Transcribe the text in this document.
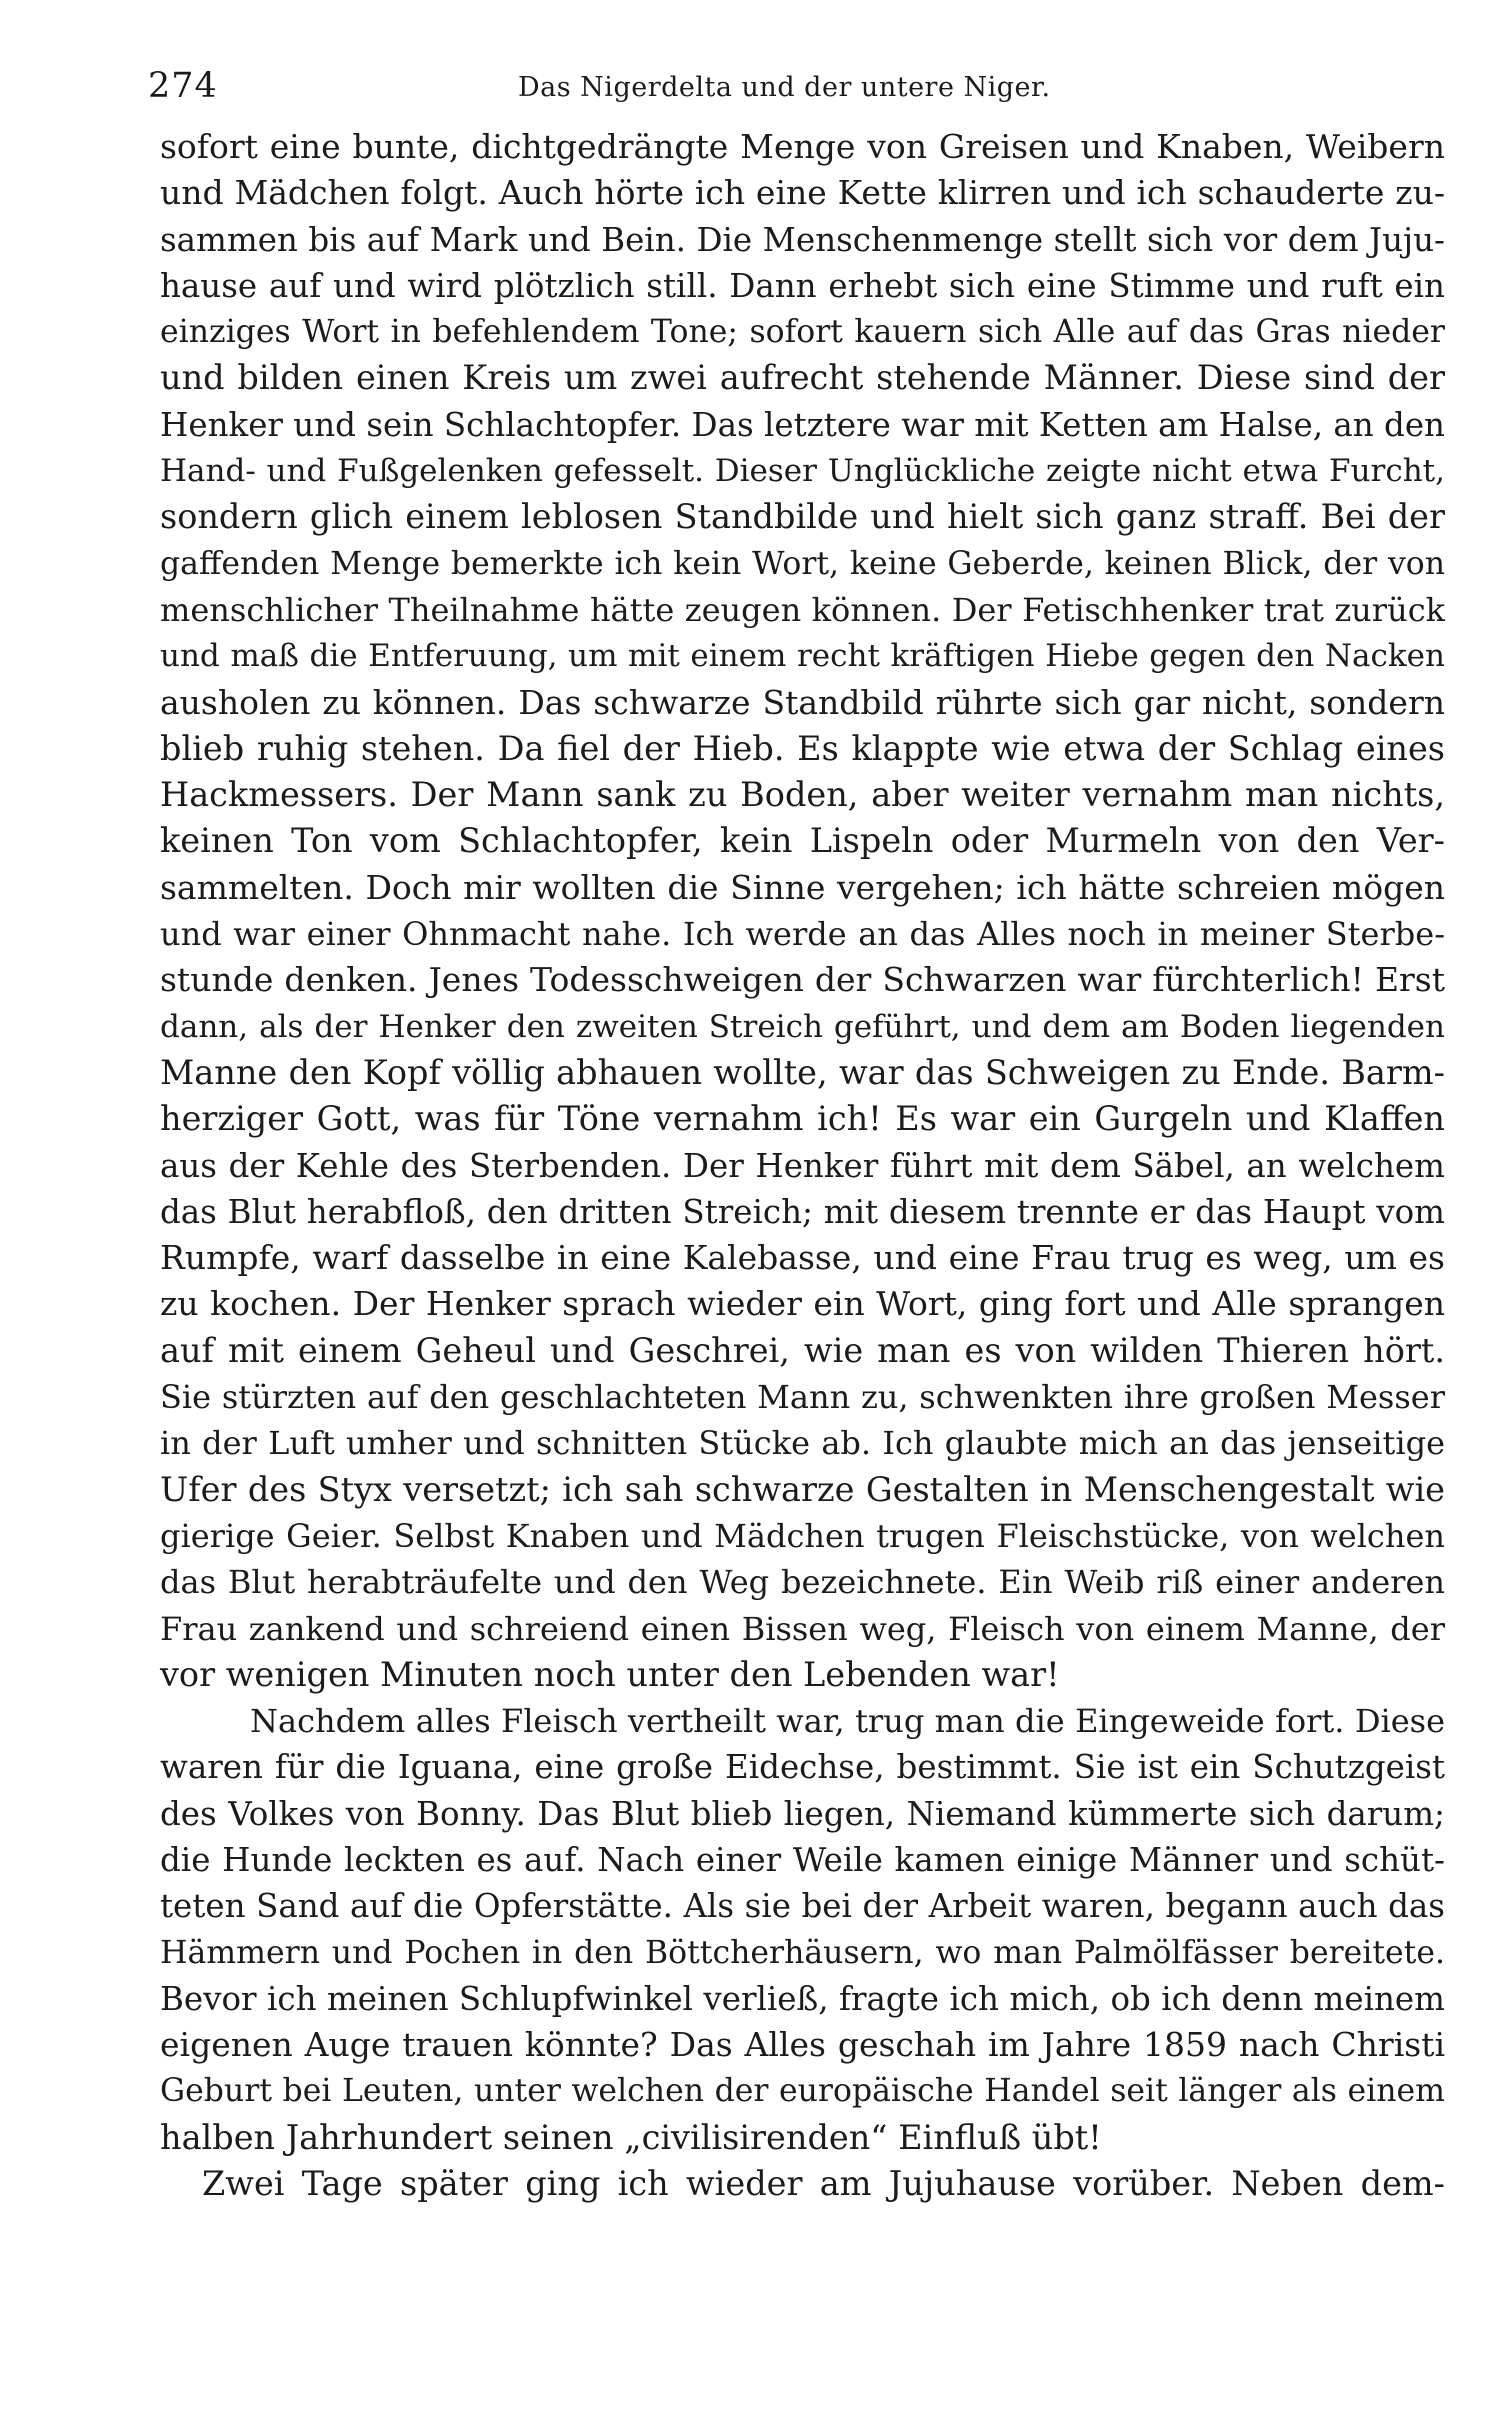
274	Das Nigerdelta und der untere Niger.
sofort eine bunte, dichtgedrängte Menge von Greisen und Knaben, Weibern
und Mädchen folgt. Auch hörte ich eine Kette klirren und ich schauderte zu-
sammen bis auf Mark und Bein. Die Menschenmenge stellt sich vor dem Juju-
hause auf und wird plötzlich still. Dann erhebt sich eine Stimme und ruft ein
einziges Wort in befehlendem Tone; sofort kauern sich Alle auf das Gras nieder
und bilden einen Kreis um zwei aufrecht stehende Männer. Diese sind der
Henker und sein Schlachtopfer. Das letztere war mit Ketten am Halse, an den
Hand- und Fußgelenken gefesselt. Dieser Unglückliche zeigte nicht etwa Furcht,
sondern glich einem leblosen Standbilde und hielt sich ganz straff. Bei der
gaffenden Menge bemerkte ich kein Wort, keine Geberde, keinen Blick, der von
menschlicher Theilnahme hätte zeugen können. Der Fetischhenker trat zurück
und maß die Entferuung, um mit einem recht kräftigen Hiebe gegen den Nacken
ausholen zu können. Das schwarze Standbild rührte sich gar nicht, sondern
blieb ruhig stehen. Da fiel der Hieb. Es klappte wie etwa der Schlag eines
Hackmessers. Der Mann sank zu Boden, aber weiter vernahm man nichts,
keinen Ton vom Schlachtopfer, kein Lispeln oder Murmeln von den Ver-
sammelten. Doch mir wollten die Sinne vergehen; ich hätte schreien mögen
und war einer Ohnmacht nahe. Ich werde an das Alles noch in meiner Sterbe-
stunde denken. Jenes Todesschweigen der Schwarzen war fürchterlich! Erst
dann, als der Henker den zweiten Streich geführt, und dem am Boden liegenden
Manne den Kopf völlig abhauen wollte, war das Schweigen zu Ende. Barm-
herziger Gott, was für Töne vernahm ich! Es war ein Gurgeln und Klaffen
aus der Kehle des Sterbenden. Der Henker führt mit dem Säbel, an welchem
das Blut herabfloß, den dritten Streich; mit diesem trennte er das Haupt vom
Rumpfe, warf dasselbe in eine Kalebasse, und eine Frau trug es weg, um es
zu kochen. Der Henker sprach wieder ein Wort, ging fort und Alle sprangen
auf mit einem Geheul und Geschrei, wie man es von wilden Thieren hört.
Sie stürzten auf den geschlachteten Mann zu, schwenkten ihre großen Messer
in der Luft umher und schnitten Stücke ab. Ich glaubte mich an das jenseitige
Ufer des Styx versetzt; ich sah schwarze Gestalten in Menschengestalt wie
gierige Geier. Selbst Knaben und Mädchen trugen Fleischstücke, von welchen
das Blut herabträufelte und den Weg bezeichnete. Ein Weib riß einer anderen
Frau zankend und schreiend einen Bissen weg, Fleisch von einem Manne, der
vor wenigen Minuten noch unter den Lebenden war!
Nachdem alles Fleisch vertheilt war, trug man die Eingeweide fort. Diese
waren für die Iguana, eine große Eidechse, bestimmt. Sie ist ein Schutzgeist
des Volkes von Bonny. Das Blut blieb liegen, Niemand kümmerte sich darum;
die Hunde leckten es auf. Nach einer Weile kamen einige Männer und schüt-
teten Sand auf die Opferstätte. Als sie bei der Arbeit waren, begann auch das
Hämmern und Pochen in den Böttcherhäusern, wo man Palmölfässer bereitete.
Bevor ich meinen Schlupfwinkel verließ, fragte ich mich, ob ich denn meinem
eigenen Auge trauen könnte? Das Alles geschah im Jahre 1859 nach Christi
Geburt bei Leuten, unter welchen der europäische Handel seit länger als einem
halben Jahrhundert seinen „civilisirenden“ Einfluß übt!
Zwei Tage später ging ich wieder am Jujuhause vorüber. Neben dem-
